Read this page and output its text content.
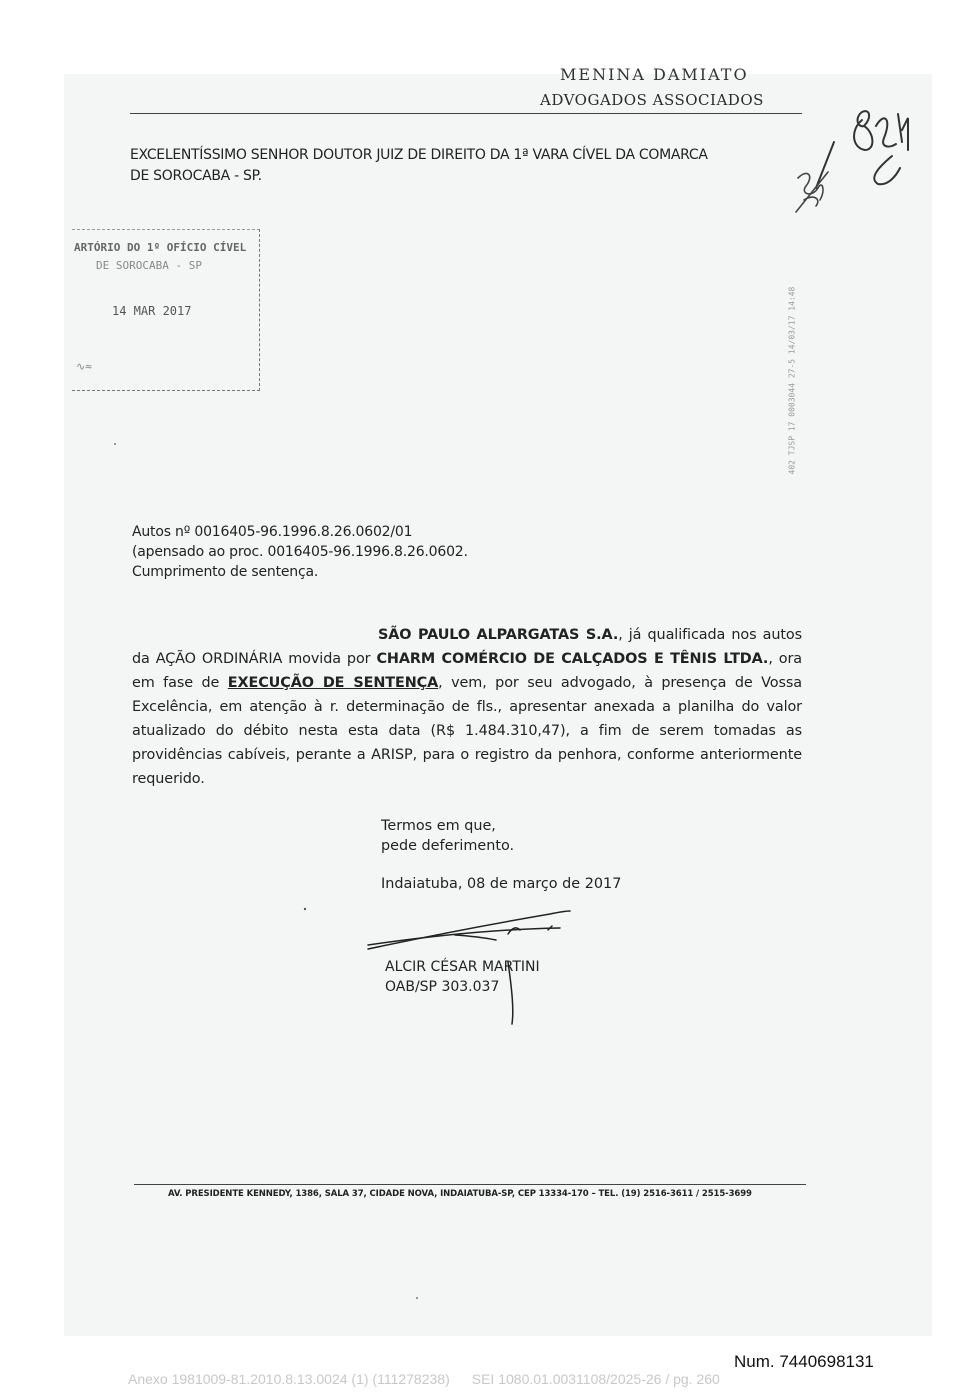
MENINA DAMIATO
ADVOGADOS ASSOCIADOS
EXCELENTÍSSIMO SENHOR DOUTOR JUIZ DE DIREITO DA 1ª VARA CÍVEL DA COMARCA
DE SOROCABA - SP.
ARTÓRIO DO 1º OFÍCIO CÍVEL
DE SOROCABA - SP
14 MAR 2017
∿≈	402 TJSP 17 0003044 27-5 14/03/17 14:48
Autos nº 0016405-96.1996.8.26.0602/01
(apensado ao proc. 0016405-96.1996.8.26.0602.
Cumprimento de sentença.
SÃO PAULO ALPARGATAS S.A., já qualificada nos autos da AÇÃO ORDINÁRIA movida por CHARM COMÉRCIO DE CALÇADOS E TÊNIS LTDA., ora em fase de EXECUÇÃO DE SENTENÇA, vem, por seu advogado, à presença de Vossa Excelência, em atenção à r. determinação de fls., apresentar anexada a planilha do valor atualizado do débito nesta esta data (R$ 1.484.310,47), a fim de serem tomadas as providências cabíveis, perante a ARISP, para o registro da penhora, conforme anteriormente requerido.
Termos em que,
pede deferimento.
Indaiatuba, 08 de março de 2017
ALCIR CÉSAR MARTINI
OAB/SP 303.037
AV. PRESIDENTE KENNEDY, 1386, SALA 37, CIDADE NOVA, INDAIATUBA-SP, CEP 13334-170 – TEL. (19) 2516-3611 / 2515-3699
Num. 7440698131
Anexo 1981009-81.2010.8.13.0024 (1) (111278238) SEI 1080.01.0031108/2025-26 / pg. 260
